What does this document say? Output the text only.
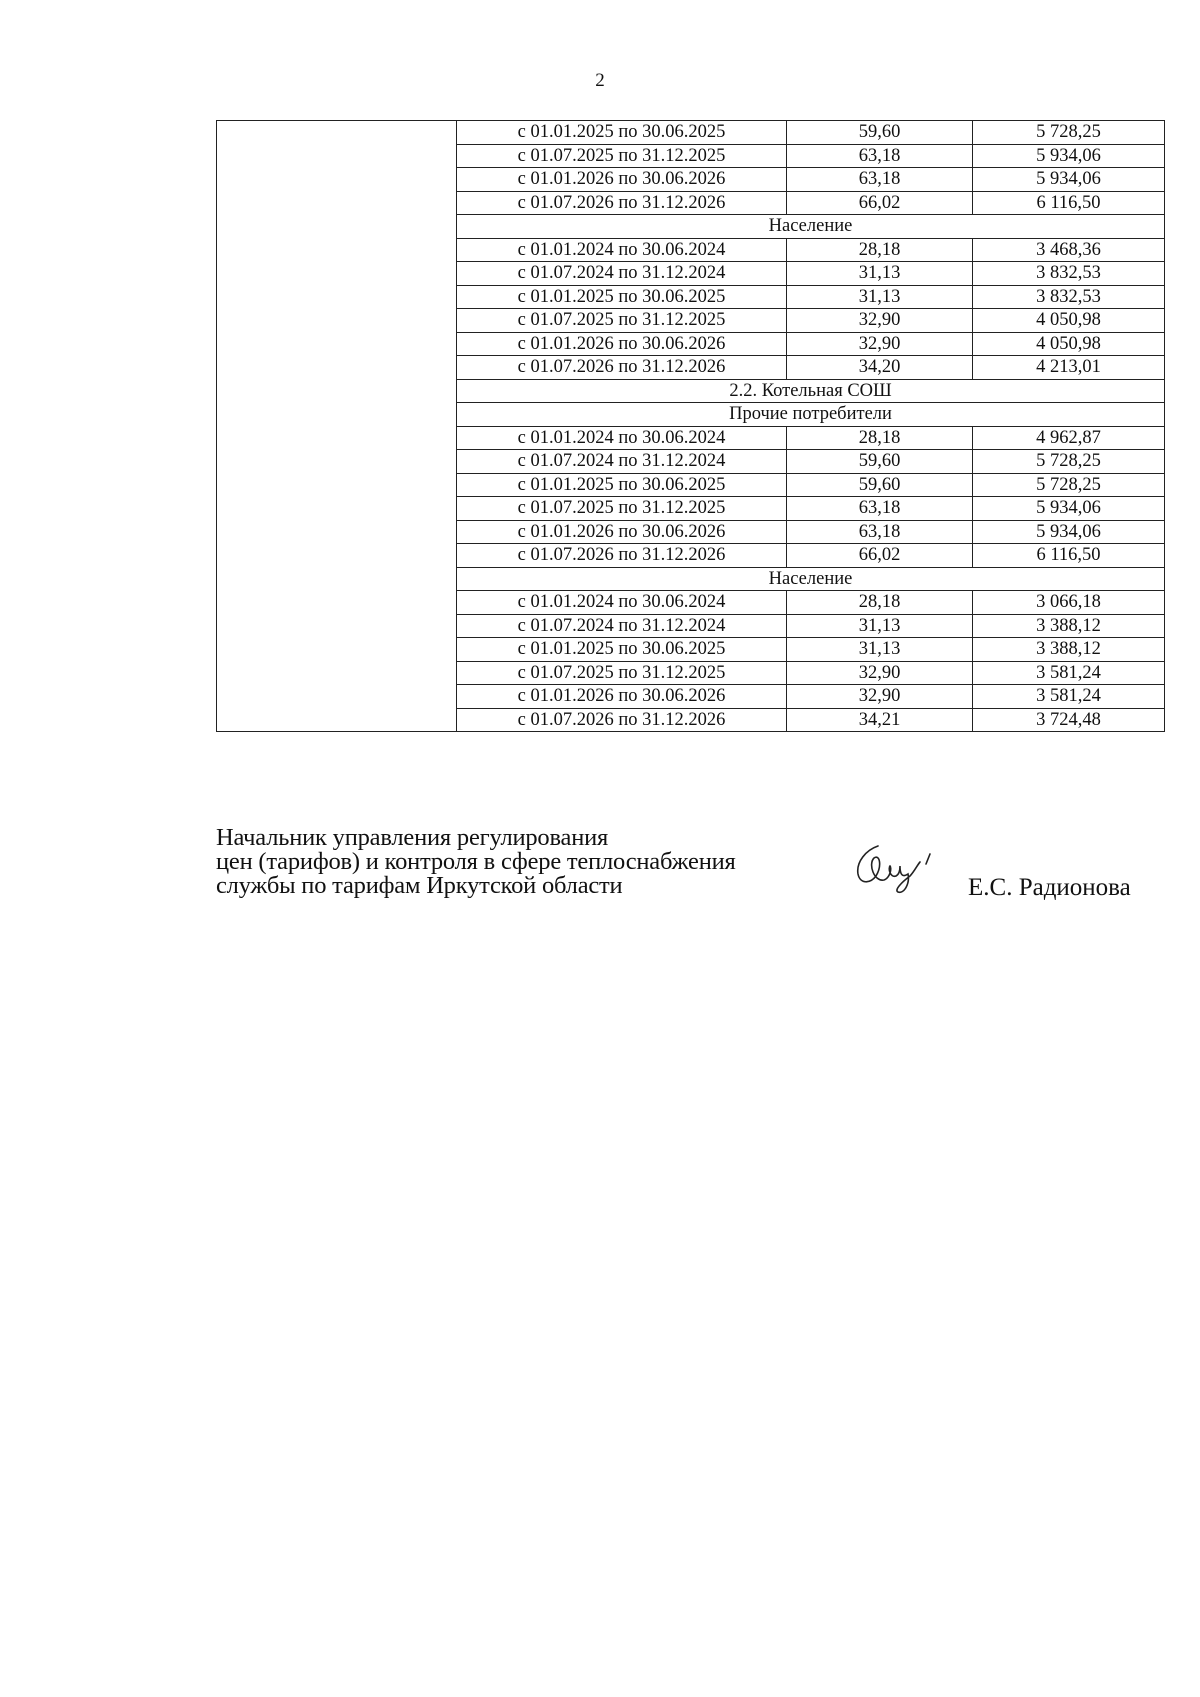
2
	с 01.01.2025 по 30.06.2025	59,60	5 728,25
	с 01.07.2025 по 31.12.2025	63,18	5 934,06
	с 01.01.2026 по 30.06.2026	63,18	5 934,06
	с 01.07.2026 по 31.12.2026	66,02	6 116,50
	Население		
	с 01.01.2024 по 30.06.2024	28,18	3 468,36
	с 01.07.2024 по 31.12.2024	31,13	3 832,53
	с 01.01.2025 по 30.06.2025	31,13	3 832,53
	с 01.07.2025 по 31.12.2025	32,90	4 050,98
	с 01.01.2026 по 30.06.2026	32,90	4 050,98
	с 01.07.2026 по 31.12.2026	34,20	4 213,01
	2.2. Котельная СОШ		
	Прочие потребители		
	с 01.01.2024 по 30.06.2024	28,18	4 962,87
	с 01.07.2024 по 31.12.2024	59,60	5 728,25
	с 01.01.2025 по 30.06.2025	59,60	5 728,25
	с 01.07.2025 по 31.12.2025	63,18	5 934,06
	с 01.01.2026 по 30.06.2026	63,18	5 934,06
	с 01.07.2026 по 31.12.2026	66,02	6 116,50
	Население		
	с 01.01.2024 по 30.06.2024	28,18	3 066,18
	с 01.07.2024 по 31.12.2024	31,13	3 388,12
	с 01.01.2025 по 30.06.2025	31,13	3 388,12
	с 01.07.2025 по 31.12.2025	32,90	3 581,24
	с 01.01.2026 по 30.06.2026	32,90	3 581,24
	с 01.07.2026 по 31.12.2026	34,21	3 724,48
Начальник управления регулирования
цен (тарифов) и контроля в сфере теплоснабжения
службы по тарифам Иркутской области	Е.С. Радионова
